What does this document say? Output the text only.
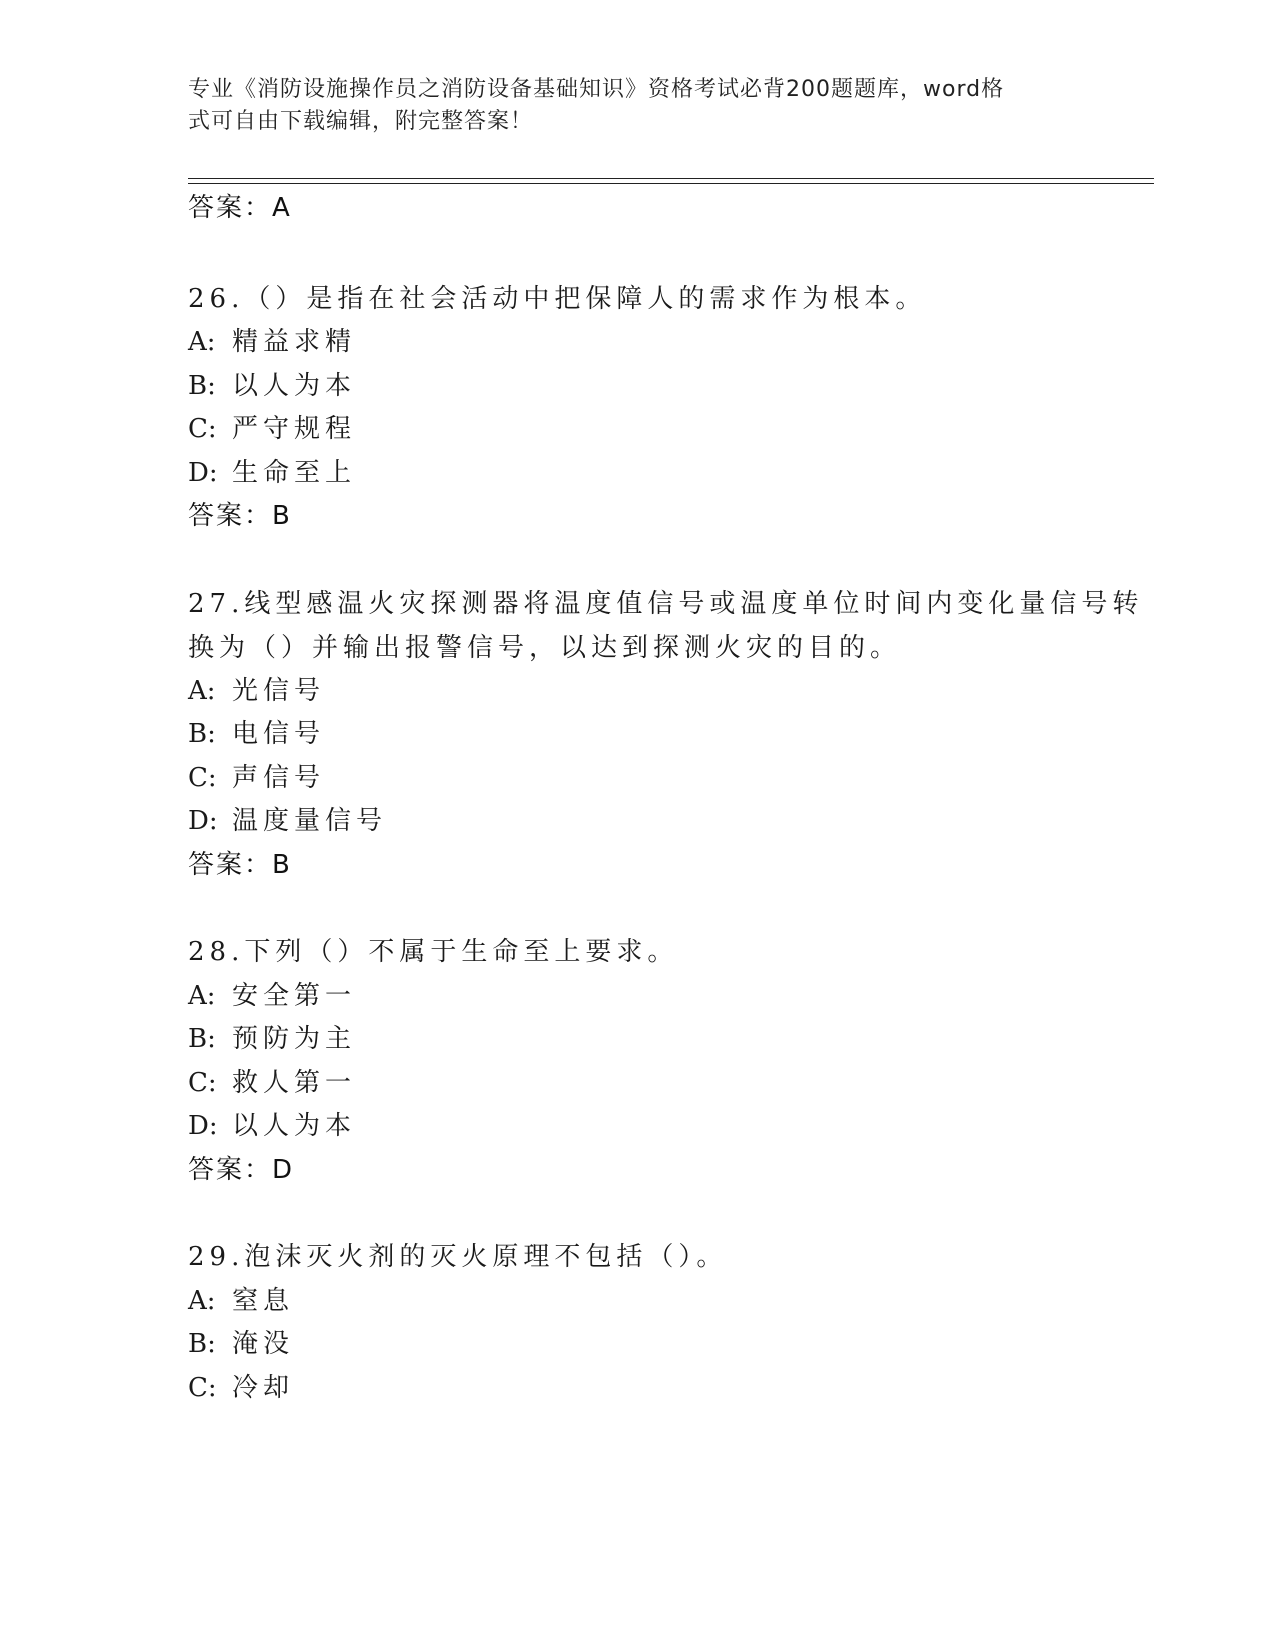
专业《消防设施操作员之消防设备基础知识》资格考试必背200题题库，word格
式可自由下载编辑，附完整答案！
答案：A
26.（）是指在社会活动中把保障人的需求作为根本。
A: 精益求精
B: 以人为本
C: 严守规程
D: 生命至上
答案：B
27.线型感温火灾探测器将温度值信号或温度单位时间内变化量信号转
换为（）并输出报警信号，以达到探测火灾的目的。
A: 光信号
B: 电信号
C: 声信号
D: 温度量信号
答案：B
28.下列（）不属于生命至上要求。
A: 安全第一
B: 预防为主
C: 救人第一
D: 以人为本
答案：D
29.泡沫灭火剂的灭火原理不包括（）。
A: 窒息
B: 淹没
C: 冷却
